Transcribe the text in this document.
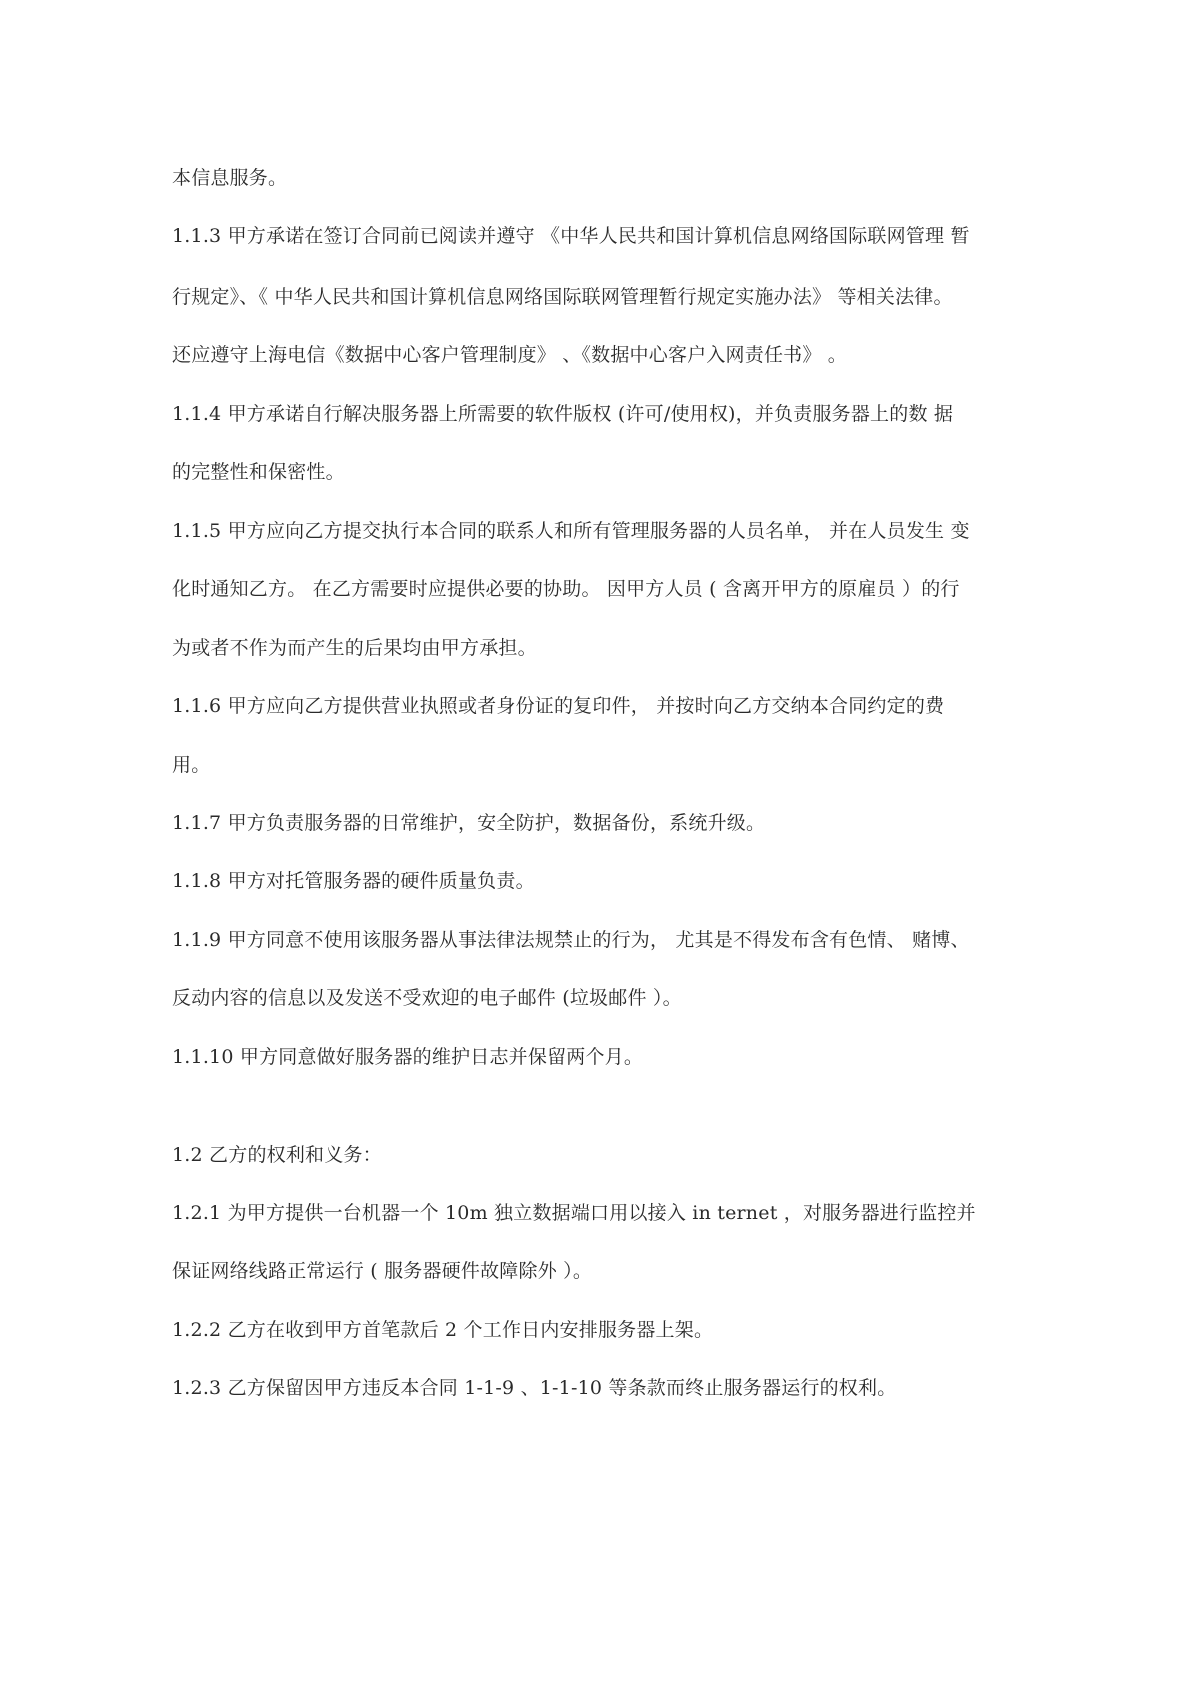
本信息服务。
1.1.3 甲方承诺在签订合同前已阅读并遵守 《中华人民共和国计算机信息网络国际联网管理 暂
行规定》、《 中华人民共和国计算机信息网络国际联网管理暂行规定实施办法》 等相关法律。
还应遵守上海电信《数据中心客户管理制度》 、《数据中心客户入网责任书》 。
1.1.4 甲方承诺自行解决服务器上所需要的软件版权 (许可/使用权)，并负责服务器上的数 据
的完整性和保密性。
1.1.5 甲方应向乙方提交执行本合同的联系人和所有管理服务器的人员名单， 并在人员发生 变
化时通知乙方。 在乙方需要时应提供必要的协助。 因甲方人员 ( 含离开甲方的原雇员 ）的行
为或者不作为而产生的后果均由甲方承担。
1.1.6 甲方应向乙方提供营业执照或者身份证的复印件， 并按时向乙方交纳本合同约定的费
用。
1.1.7 甲方负责服务器的日常维护，安全防护，数据备份，系统升级。
1.1.8 甲方对托管服务器的硬件质量负责。
1.1.9 甲方同意不使用该服务器从事法律法规禁止的行为， 尤其是不得发布含有色情、 赌博、
反动内容的信息以及发送不受欢迎的电子邮件 (垃圾邮件 ）。
1.1.10 甲方同意做好服务器的维护日志并保留两个月。
1.2 乙方的权利和义务：
1.2.1 为甲方提供一台机器一个 10m 独立数据端口用以接入 in ternet ，对服务器进行监控并
保证网络线路正常运行 ( 服务器硬件故障除外 ）。
1.2.2 乙方在收到甲方首笔款后 2 个工作日内安排服务器上架。
1.2.3 乙方保留因甲方违反本合同 1-1-9 、1-1-10 等条款而终止服务器运行的权利。
